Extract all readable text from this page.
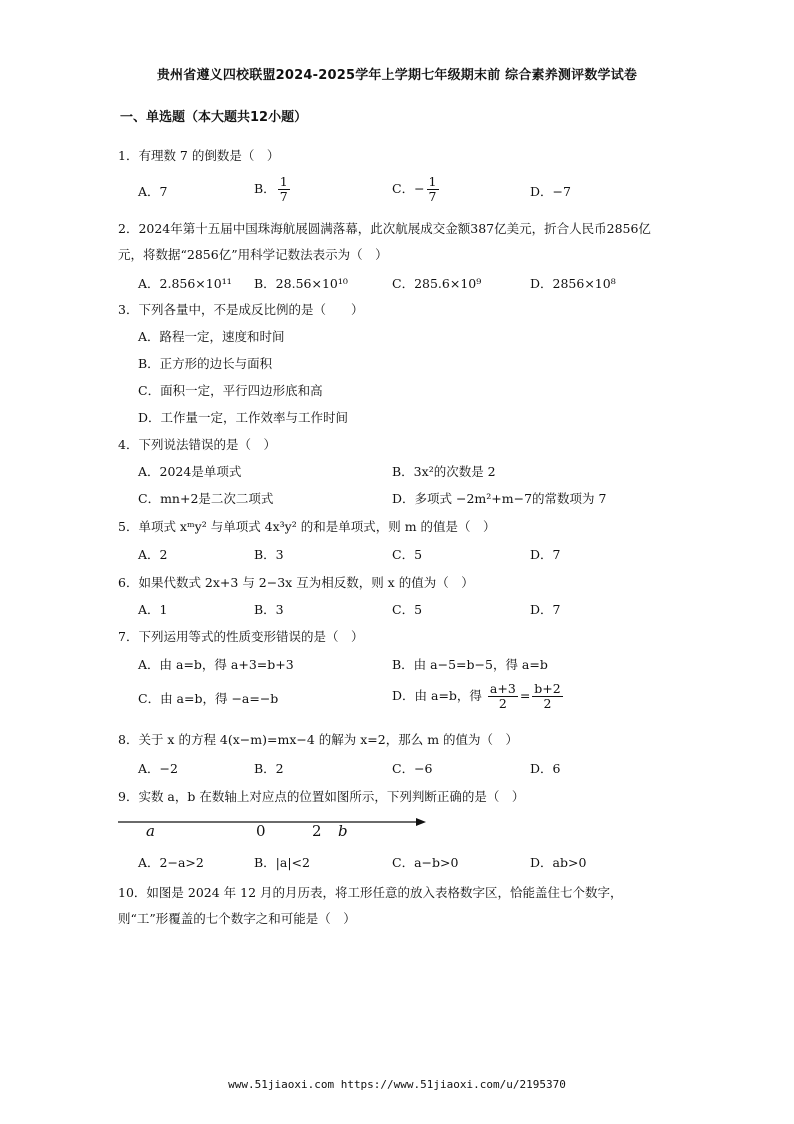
贵州省遵义四校联盟2024-2025学年上学期七年级期末前 综合素养测评数学试卷
一、单选题（本大题共12小题）
1．有理数 7 的倒数是（　）
A．7	B． $\frac{1}{7}$	C．− $\frac{1}{7}$	D．−7
2．2024年第十五届中国珠海航展圆满落幕，此次航展成交金额387亿美元，折合人民币2856亿元，将数据“2856亿”用科学记数法表示为（　）
A．2.856×10¹¹ B．28.56×10¹⁰	C．285.6×10⁹	D．2856×10⁸
3．下列各量中，不是成反比例的是（　　）
A．路程一定，速度和时间
B．正方形的边长与面积
C．面积一定，平行四边形底和高
D．工作量一定，工作效率与工作时间
4．下列说法错误的是（　）
A．2024是单项式	B．3x²的次数是 2
C．mn+2是二次二项式	D．多项式 −2m²+m−7的常数项为 7
5．单项式 xᵐy² 与单项式 4x³y² 的和是单项式，则 m 的值是（　）
A．2	B．3	C．5	D．7
6．如果代数式 2x+3 与 2−3x 互为相反数，则 x 的值为（　）
A．1	B．3	C．5	D．7
7．下列运用等式的性质变形错误的是（　）
A．由 a=b，得 a+3=b+3	B．由 a−5=b−5，得 a=b
C．由 a=b，得 −a=−b	D．由 a=b，得 $\frac{a+3}{2} = \frac{b+2}{2}$
8．关于 x 的方程 4(x−m)=mx−4 的解为 x=2，那么 m 的值为（　）
A．−2	B．2	C．−6	D．6
9．实数 a，b 在数轴上对应点的位置如图所示，下列判断正确的是（　）
a	0	2 b
A．2−a>2	B．|a|<2	C．a−b>0	D．ab>0
10．如图是 2024 年 12 月的月历表，将工形任意的放入表格数字区，恰能盖住七个数字，则“工”形覆盖的七个数字之和可能是（　）
www.51jiaoxi.com https://www.51jiaoxi.com/u/2195370
